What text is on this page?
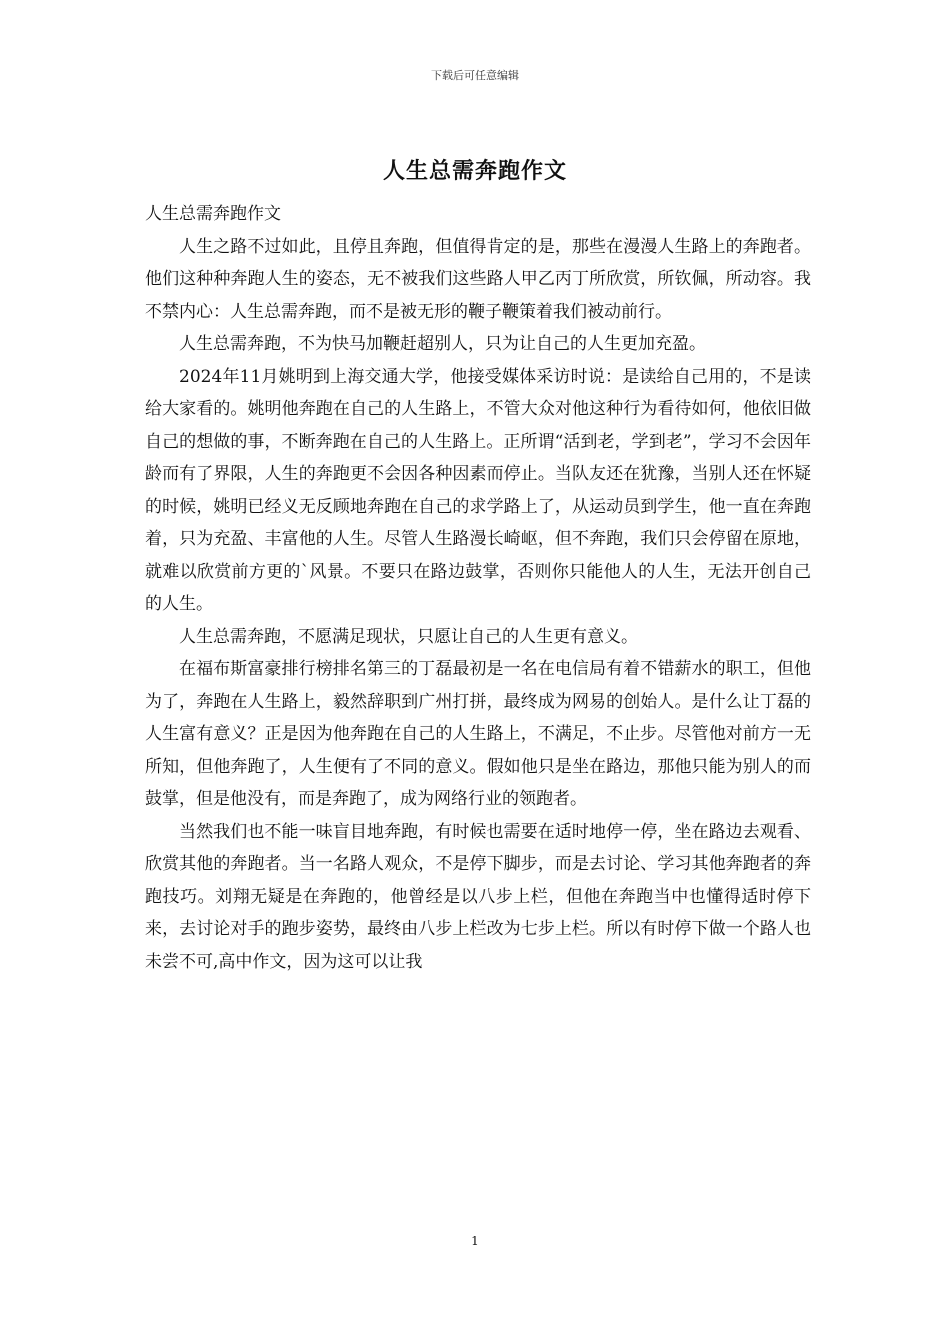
下载后可任意编辑
人生总需奔跑作文

人生总需奔跑作文

人生之路不过如此，且停且奔跑，但值得肯定的是，那些在漫漫人生路上的奔跑者。他们这种种奔跑人生的姿态，无不被我们这些路人甲乙丙丁所欣赏，所钦佩，所动容。我不禁内心：人生总需奔跑，而不是被无形的鞭子鞭策着我们被动前行。

人生总需奔跑，不为快马加鞭赶超别人，只为让自己的人生更加充盈。

2024年11月姚明到上海交通大学，他接受媒体采访时说：是读给自己用的，不是读给大家看的。姚明他奔跑在自己的人生路上，不管大众对他这种行为看待如何，他依旧做自己的想做的事，不断奔跑在自己的人生路上。正所谓“活到老，学到老”，学习不会因年龄而有了界限，人生的奔跑更不会因各种因素而停止。当队友还在犹豫，当别人还在怀疑的时候，姚明已经义无反顾地奔跑在自己的求学路上了，从运动员到学生，他一直在奔跑着，只为充盈、丰富他的人生。尽管人生路漫长崎岖，但不奔跑，我们只会停留在原地，就难以欣赏前方更的`风景。不要只在路边鼓掌，否则你只能他人的人生，无法开创自己的人生。

人生总需奔跑，不愿满足现状，只愿让自己的人生更有意义。

在福布斯富豪排行榜排名第三的丁磊最初是一名在电信局有着不错薪水的职工，但他为了，奔跑在人生路上，毅然辞职到广州打拼，最终成为网易的创始人。是什么让丁磊的人生富有意义？正是因为他奔跑在自己的人生路上，不满足，不止步。尽管他对前方一无所知，但他奔跑了，人生便有了不同的意义。假如他只是坐在路边，那他只能为别人的而鼓掌，但是他没有，而是奔跑了，成为网络行业的领跑者。

当然我们也不能一味盲目地奔跑，有时候也需要在适时地停一停，坐在路边去观看、欣赏其他的奔跑者。当一名路人观众，不是停下脚步，而是去讨论、学习其他奔跑者的奔跑技巧。刘翔无疑是在奔跑的，他曾经是以八步上栏，但他在奔跑当中也懂得适时停下来，去讨论对手的跑步姿势，最终由八步上栏改为七步上栏。所以有时停下做一个路人也未尝不可,高中作文，因为这可以让我

1
